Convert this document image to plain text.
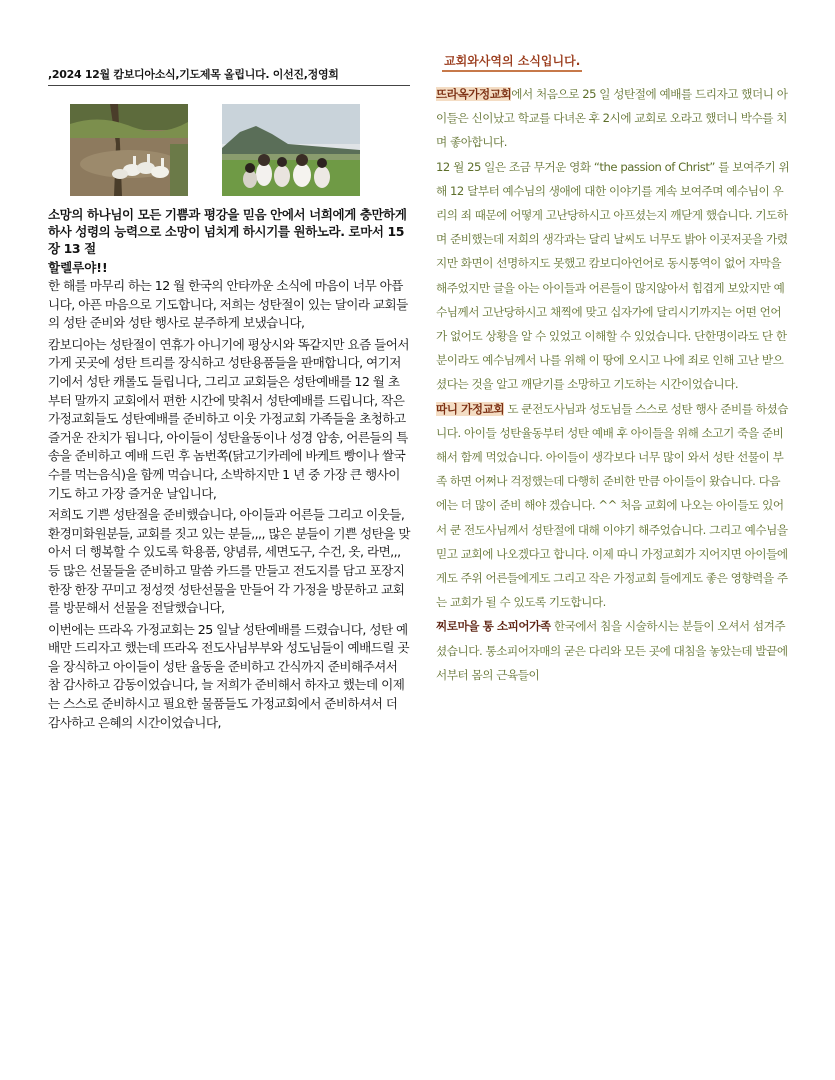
,2024 12월 캄보디아소식,기도제목 올립니다. 이선진,정영희
소망의 하나님이 모든 기쁨과 평강을 믿음 안에서 너희에게 충만하게하사 성령의 능력으로 소망이 넘치게 하시기를 원하노라. 로마서 15 장 13 절
할렐루야!!

한 해를 마무리 하는 12 월 한국의 안타까운 소식에 마음이 너무 아픕니다, 아픈 마음으로 기도합니다, 저희는 성탄절이 있는 달이라 교회들의 성탄 준비와 성탄 행사로 분주하게 보냈습니다,

캄보디아는 성탄절이 연휴가 아니기에 평상시와 똑같지만 요즘 들어서 가게 곳곳에 성탄 트리를 장식하고 성탄용품들을 판매합니다, 여기저기에서 성탄 캐롤도 들립니다, 그리고 교회들은 성탄예배를 12 월 초부터 말까지 교회에서 편한 시간에 맞춰서 성탄예배를 드립니다, 작은가정교회들도 성탄예배를 준비하고 이웃 가정교회 가족들을 초청하고 즐거운 잔치가 됩니다, 아이들이 성탄율동이나 성경 암송, 어른들의 특송을 준비하고 예배 드린 후 놈번쪽(닭고기카레에 바케트 빵이나 쌀국수를 먹는음식)을 함께 먹습니다, 소박하지만 1 년 중 가장 큰 행사이기도 하고 가장 즐거운 날입니다,

저희도 기쁜 성탄절을 준비했습니다, 아이들과 어른들 그리고 이웃들, 환경미화원분들, 교회를 짓고 있는 분들,,,, 많은 분들이 기쁜 성탄을 맞아서 더 행복할 수 있도록 학용품, 양념류, 세면도구, 수건, 옷, 라면,,,등 많은 선물들을 준비하고 말씀 카드를 만들고 전도지를 담고 포장지 한장 한장 꾸미고 정성껏 성탄선물을 만들어 각 가정을 방문하고 교회를 방문해서 선물을 전달했습니다,

이번에는 뜨라옥 가정교회는 25 일날 성탄예배를 드렸습니다, 성탄 예배만 드리자고 했는데 뜨라옥 전도사님부부와 성도님들이 예배드릴 곳을 장식하고 아이들이 성탄 율동을 준비하고 간식까지 준비해주셔서 참 감사하고 감동이었습니다, 늘 저희가 준비해서 하자고 했는데 이제는 스스로 준비하시고 필요한 물품들도 가정교회에서 준비하셔서 더 감사하고 은혜의 시간이었습니다,

교회와사역의 소식입니다.

뜨라옥가정교회에서 처음으로 25 일 성탄절에 예배를 드리자고 했더니 아이들은 신이났고 학교를 다녀온 후 2시에 교회로 오라고 했더니 박수를 치며 좋아합니다.

12 월 25 일은 조금 무거운 영화 “the passion of Christ” 를 보여주기 위해 12 달부터 예수님의 생애에 대한 이야기를 계속 보여주며 예수님이 우리의 죄 때문에 어떻게 고난당하시고 아프셨는지 깨닫게 했습니다. 기도하며 준비했는데 저희의 생각과는 달리 날씨도 너무도 밝아 이곳저곳을 가렸지만 화면이 선명하지도 못했고 캄보디아언어로 동시통역이 없어 자막을 해주었지만 글을 아는 아이들과 어른들이 많지않아서 힘겹게 보았지만 예수님께서 고난당하시고 채찍에 맞고 십자가에 달리시기까지는 어떤 언어가 없어도 상황을 알 수 있었고 이해할 수 있었습니다. 단한명이라도 단 한 분이라도 예수님께서 나를 위해 이 땅에 오시고 나에 죄로 인해 고난 받으셨다는 것을 알고 깨닫기를 소망하고 기도하는 시간이었습니다.

따니 가정교회 도 쿤전도사님과 성도님들 스스로 성탄 행사 준비를 하셨습니다. 아이들 성탄율동부터 성탄 예배 후 아이들을 위해 소고기 죽을 준비해서 함께 먹었습니다. 아이들이 생각보다 너무 많이 와서 성탄 선물이 부족 하면 어쩌나 걱정했는데 다행히 준비한 만큼 아이들이 왔습니다. 다음에는 더 많이 준비 해야 겠습니다. ^^ 처음 교회에 나오는 아이들도 있어서 쿤 전도사님께서 성탄절에 대해 이야기 해주었습니다. 그리고 예수님을 믿고 교회에 나오겠다고 합니다. 이제 따니 가정교회가 지어지면 아이들에게도 주위 어른들에게도 그리고 작은 가정교회 들에게도 좋은 영향력을 주는 교회가 될 수 있도록 기도합니다.

찌로마을 통 소피어가족 한국에서 침을 시술하시는 분들이 오셔서 섬겨주셨습니다. 통소피어자매의 굳은 다리와 모든 곳에 대침을 놓았는데 발끝에서부터 몸의 근육들이
